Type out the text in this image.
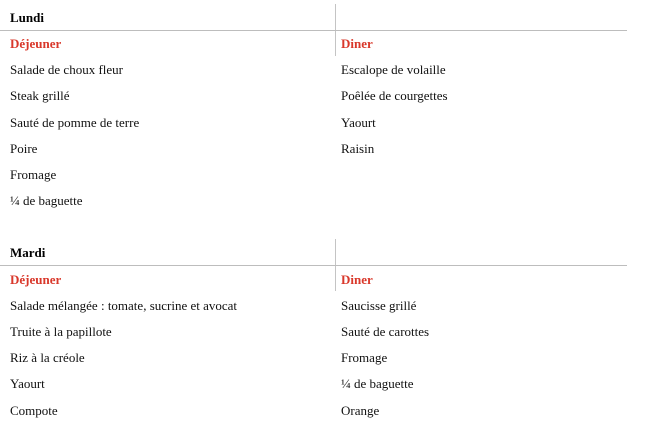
Lundi
Déjeuner	Diner
Salade de choux fleur
Steak grillé
Sauté de pomme de terre
Poire
Fromage
¼ de baguette
Escalope de volaille
Poêlée de courgettes
Yaourt
Raisin
Mardi
Déjeuner	Diner
Salade mélangée : tomate, sucrine et avocat
Truite à la papillote
Riz à la créole
Yaourt
Compote
Saucisse grillé
Sauté de carottes
Fromage
¼ de baguette
Orange
